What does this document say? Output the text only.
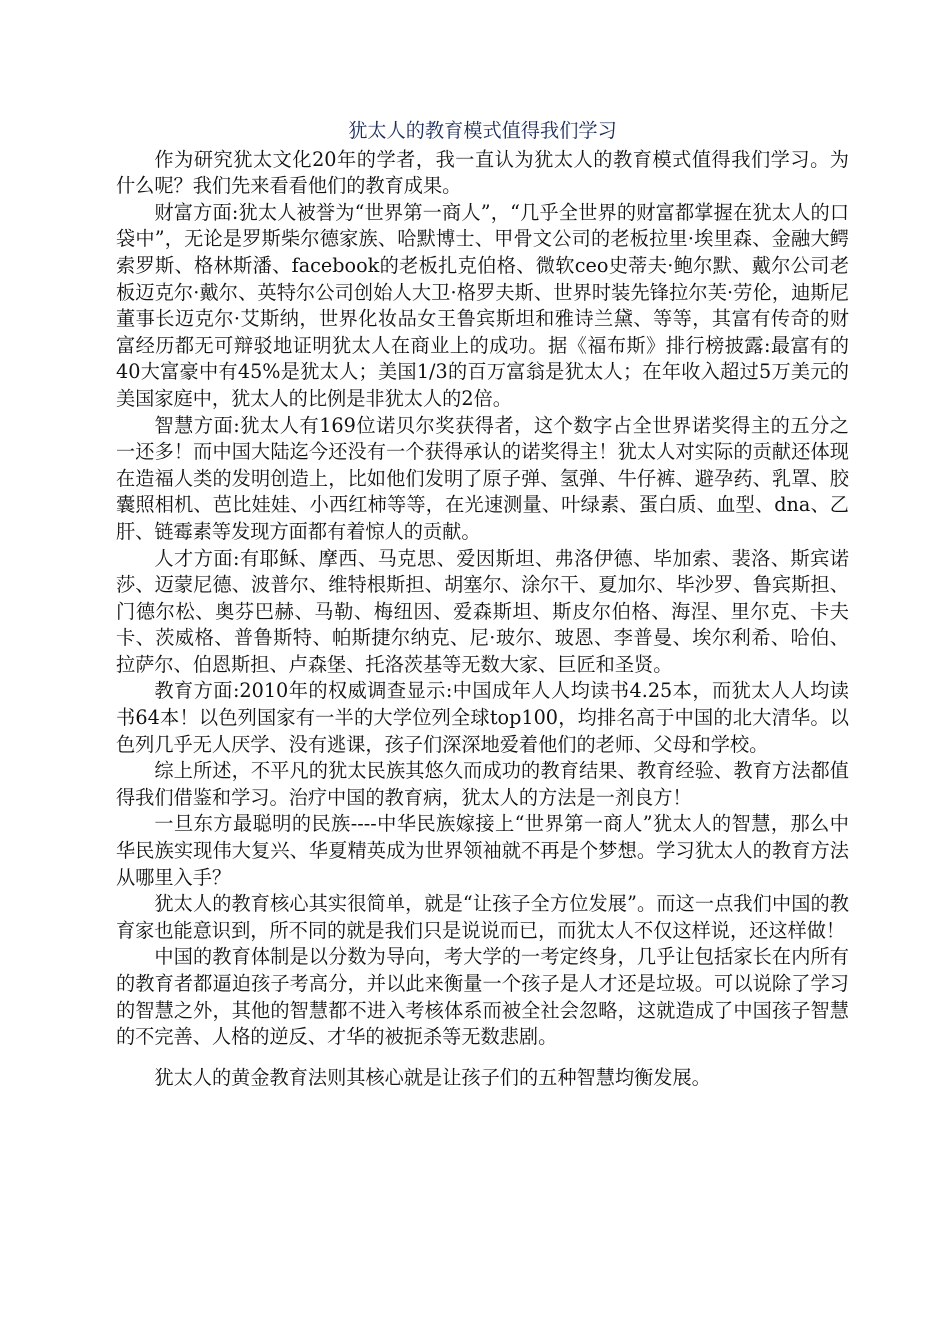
犹太人的教育模式值得我们学习

作为研究犹太文化20年的学者，我一直认为犹太人的教育模式值得我们学习。为什么呢？我们先来看看他们的教育成果。

财富方面:犹太人被誉为“世界第一商人”，“几乎全世界的财富都掌握在犹太人的口袋中”，无论是罗斯柴尔德家族、哈默博士、甲骨文公司的老板拉里·埃里森、金融大鳄索罗斯、格林斯潘、facebook的老板扎克伯格、微软ceo史蒂夫·鲍尔默、戴尔公司老板迈克尔·戴尔、英特尔公司创始人大卫·格罗夫斯、世界时装先锋拉尔芙·劳伦，迪斯尼董事长迈克尔·艾斯纳，世界化妆品女王鲁宾斯坦和雅诗兰黛、等等，其富有传奇的财富经历都无可辩驳地证明犹太人在商业上的成功。据《福布斯》排行榜披露:最富有的40大富豪中有45%是犹太人；美国1/3的百万富翁是犹太人；在年收入超过5万美元的美国家庭中，犹太人的比例是非犹太人的2倍。

智慧方面:犹太人有169位诺贝尔奖获得者，这个数字占全世界诺奖得主的五分之一还多！而中国大陆迄今还没有一个获得承认的诺奖得主！犹太人对实际的贡献还体现在造福人类的发明创造上，比如他们发明了原子弹、氢弹、牛仔裤、避孕药、乳罩、胶囊照相机、芭比娃娃、小西红柿等等，在光速测量、叶绿素、蛋白质、血型、dna、乙肝、链霉素等发现方面都有着惊人的贡献。

人才方面:有耶稣、摩西、马克思、爱因斯坦、弗洛伊德、毕加索、裴洛、斯宾诺莎、迈蒙尼德、波普尔、维特根斯担、胡塞尔、涂尔干、夏加尔、毕沙罗、鲁宾斯担、门德尔松、奥芬巴赫、马勒、梅纽因、爱森斯坦、斯皮尔伯格、海涅、里尔克、卡夫卡、茨威格、普鲁斯特、帕斯捷尔纳克、尼·玻尔、玻恩、李普曼、埃尔利希、哈伯、拉萨尔、伯恩斯担、卢森堡、托洛茨基等无数大家、巨匠和圣贤。

教育方面:2010年的权威调查显示:中国成年人人均读书4.25本，而犹太人人均读书64本！以色列国家有一半的大学位列全球top100，均排名高于中国的北大清华。以色列几乎无人厌学、没有逃课，孩子们深深地爱着他们的老师、父母和学校。

综上所述，不平凡的犹太民族其悠久而成功的教育结果、教育经验、教育方法都值得我们借鉴和学习。治疗中国的教育病，犹太人的方法是一剂良方！

一旦东方最聪明的民族----中华民族嫁接上“世界第一商人”犹太人的智慧，那么中华民族实现伟大复兴、华夏精英成为世界领袖就不再是个梦想。学习犹太人的教育方法从哪里入手？

犹太人的教育核心其实很简单，就是“让孩子全方位发展”。而这一点我们中国的教育家也能意识到，所不同的就是我们只是说说而已，而犹太人不仅这样说，还这样做！

中国的教育体制是以分数为导向，考大学的一考定终身，几乎让包括家长在内所有的教育者都逼迫孩子考高分，并以此来衡量一个孩子是人才还是垃圾。可以说除了学习的智慧之外，其他的智慧都不进入考核体系而被全社会忽略，这就造成了中国孩子智慧的不完善、人格的逆反、才华的被扼杀等无数悲剧。

犹太人的黄金教育法则其核心就是让孩子们的五种智慧均衡发展。
